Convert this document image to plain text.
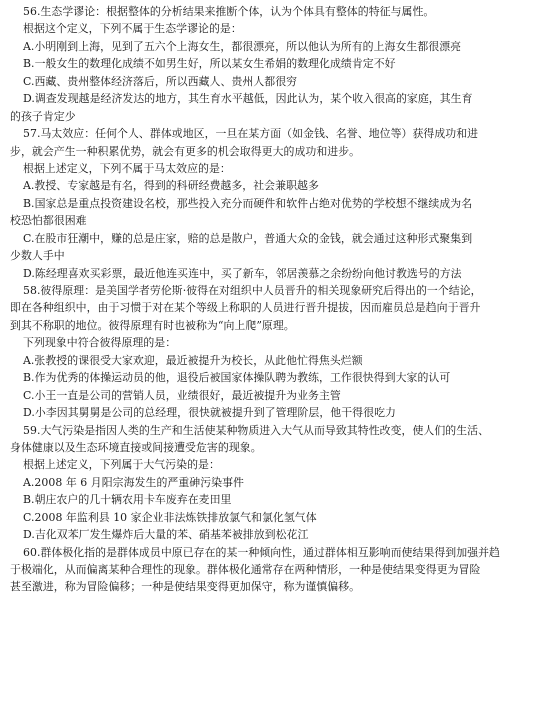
56.生态学谬论：根据整体的分析结果来推断个体，认为个体具有整体的特征与属性。
根据这个定义，下列不属于生态学谬论的是：
A.小明刚到上海，见到了五六个上海女生，都很漂亮，所以他认为所有的上海女生都很漂亮
B.一般女生的数理化成绩不如男生好，所以某女生希娟的数理化成绩肯定不好
C.西藏、贵州整体经济落后，所以西藏人、贵州人都很穷
D.调查发现越是经济发达的地方，其生育水平越低，因此认为，某个收入很高的家庭，其生育
的孩子肯定少
57.马太效应：任何个人、群体或地区，一旦在某方面（如金钱、名誉、地位等）获得成功和进
步，就会产生一种积累优势，就会有更多的机会取得更大的成功和进步。
根据上述定义，下列不属于马太效应的是：
A.教授、专家越是有名，得到的科研经费越多，社会兼职越多
B.国家总是重点投资建设名校，那些投入充分而硬件和软件占绝对优势的学校想不继续成为名
校恐怕都很困难
C.在股市狂潮中，赚的总是庄家，赔的总是散户，普通大众的金钱，就会通过这种形式聚集到
少数人手中
D.陈经理喜欢买彩票，最近他连买连中，买了新车，邻居羡慕之余纷纷向他讨教选号的方法
58.彼得原理：是美国学者劳伦斯·彼得在对组织中人员晋升的相关现象研究后得出的一个结论，
即在各种组织中，由于习惯于对在某个等级上称职的人员进行晋升提拔，因而雇员总是趋向于晋升
到其不称职的地位。彼得原理有时也被称为“向上爬”原理。
下列现象中符合彼得原理的是：
A.张教授的课很受大家欢迎，最近被提升为校长，从此他忙得焦头烂额
B.作为优秀的体操运动员的他，退役后被国家体操队聘为教练，工作很快得到大家的认可
C.小王一直是公司的营销人员，业绩很好，最近被提升为业务主管
D.小李因其舅舅是公司的总经理，很快就被提升到了管理阶层，他干得很吃力
59.大气污染是指因人类的生产和生活使某种物质进入大气从而导致其特性改变，使人们的生活、
身体健康以及生态环境直接或间接遭受危害的现象。
根据上述定义，下列属于大气污染的是：
A.2008 年 6 月阳宗海发生的严重砷污染事件
B.朝庄农户的几十辆农用卡车废弃在麦田里
C.2008 年监利县 10 家企业非法炼铁排放氯气和氯化氢气体
D.吉化双苯厂发生爆炸后大量的苯、硝基苯被排放到松花江
60.群体极化指的是群体成员中原已存在的某一种倾向性，通过群体相互影响而使结果得到加强并趋
于极端化，从而偏离某种合理性的现象。群体极化通常存在两种情形，一种是使结果变得更为冒险
甚至激进，称为冒险偏移；一种是使结果变得更加保守，称为谨慎偏移。
